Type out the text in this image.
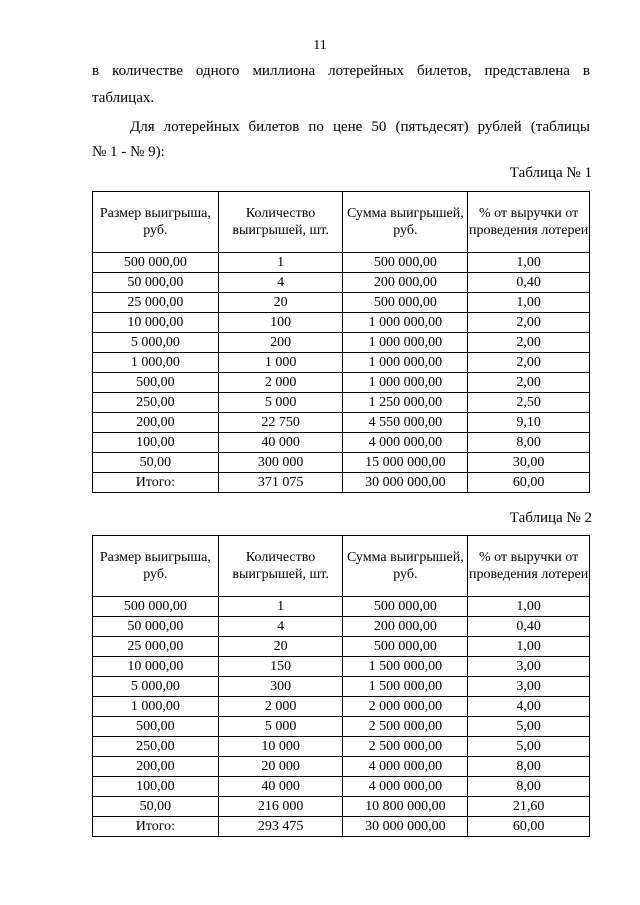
11
в количестве одного миллиона лотерейных билетов, представлена в
таблицах.
Для лотерейных билетов по цене 50 (пятьдесят) рублей (таблицы
№ 1 - № 9):
Таблица № 1
Размер выигрыша, руб.	Количество выигрышей, шт.	Сумма выигрышей, руб.	% от выручки от проведения лотереи
500 000,00	1	500 000,00	1,00
50 000,00	4	200 000,00	0,40
25 000,00	20	500 000,00	1,00
10 000,00	100	1 000 000,00	2,00
5 000,00	200	1 000 000,00	2,00
1 000,00	1 000	1 000 000,00	2,00
500,00	2 000	1 000 000,00	2,00
250,00	5 000	1 250 000,00	2,50
200,00	22 750	4 550 000,00	9,10
100,00	40 000	4 000 000,00	8,00
50,00	300 000	15 000 000,00	30,00
Итого:	371 075	30 000 000,00	60,00
Таблица № 2
Размер выигрыша, руб.	Количество выигрышей, шт.	Сумма выигрышей, руб.	% от выручки от проведения лотереи
500 000,00	1	500 000,00	1,00
50 000,00	4	200 000,00	0,40
25 000,00	20	500 000,00	1,00
10 000,00	150	1 500 000,00	3,00
5 000,00	300	1 500 000,00	3,00
1 000,00	2 000	2 000 000,00	4,00
500,00	5 000	2 500 000,00	5,00
250,00	10 000	2 500 000,00	5,00
200,00	20 000	4 000 000,00	8,00
100,00	40 000	4 000 000,00	8,00
50,00	216 000	10 800 000,00	21,60
Итого:	293 475	30 000 000,00	60,00
